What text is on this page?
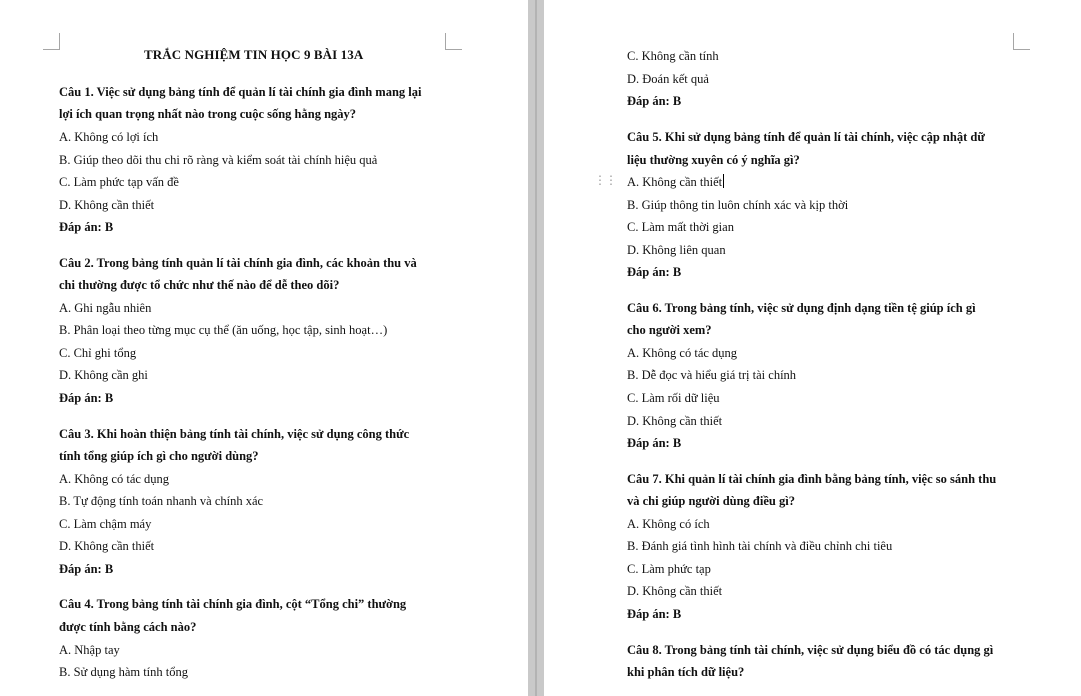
TRẮC NGHIỆM TIN HỌC 9 BÀI 13A
Câu 1. Việc sử dụng bảng tính để quản lí tài chính gia đình mang lại
lợi ích quan trọng nhất nào trong cuộc sống hằng ngày?
A. Không có lợi ích
B. Giúp theo dõi thu chi rõ ràng và kiểm soát tài chính hiệu quả
C. Làm phức tạp vấn đề
D. Không cần thiết
Đáp án: B
Câu 2. Trong bảng tính quản lí tài chính gia đình, các khoản thu và
chi thường được tổ chức như thế nào để dễ theo dõi?
A. Ghi ngẫu nhiên
B. Phân loại theo từng mục cụ thể (ăn uống, học tập, sinh hoạt…)
C. Chỉ ghi tổng
D. Không cần ghi
Đáp án: B
Câu 3. Khi hoàn thiện bảng tính tài chính, việc sử dụng công thức
tính tổng giúp ích gì cho người dùng?
A. Không có tác dụng
B. Tự động tính toán nhanh và chính xác
C. Làm chậm máy
D. Không cần thiết
Đáp án: B
Câu 4. Trong bảng tính tài chính gia đình, cột “Tổng chi” thường
được tính bằng cách nào?
A. Nhập tay
B. Sử dụng hàm tính tổng
⋮⋮
C. Không cần tính
D. Đoán kết quả
Đáp án: B
Câu 5. Khi sử dụng bảng tính để quản lí tài chính, việc cập nhật dữ
liệu thường xuyên có ý nghĩa gì?
A. Không cần thiết
B. Giúp thông tin luôn chính xác và kịp thời
C. Làm mất thời gian
D. Không liên quan
Đáp án: B
Câu 6. Trong bảng tính, việc sử dụng định dạng tiền tệ giúp ích gì
cho người xem?
A. Không có tác dụng
B. Dễ đọc và hiểu giá trị tài chính
C. Làm rối dữ liệu
D. Không cần thiết
Đáp án: B
Câu 7. Khi quản lí tài chính gia đình bằng bảng tính, việc so sánh thu
và chi giúp người dùng điều gì?
A. Không có ích
B. Đánh giá tình hình tài chính và điều chỉnh chi tiêu
C. Làm phức tạp
D. Không cần thiết
Đáp án: B
Câu 8. Trong bảng tính tài chính, việc sử dụng biểu đồ có tác dụng gì
khi phân tích dữ liệu?
